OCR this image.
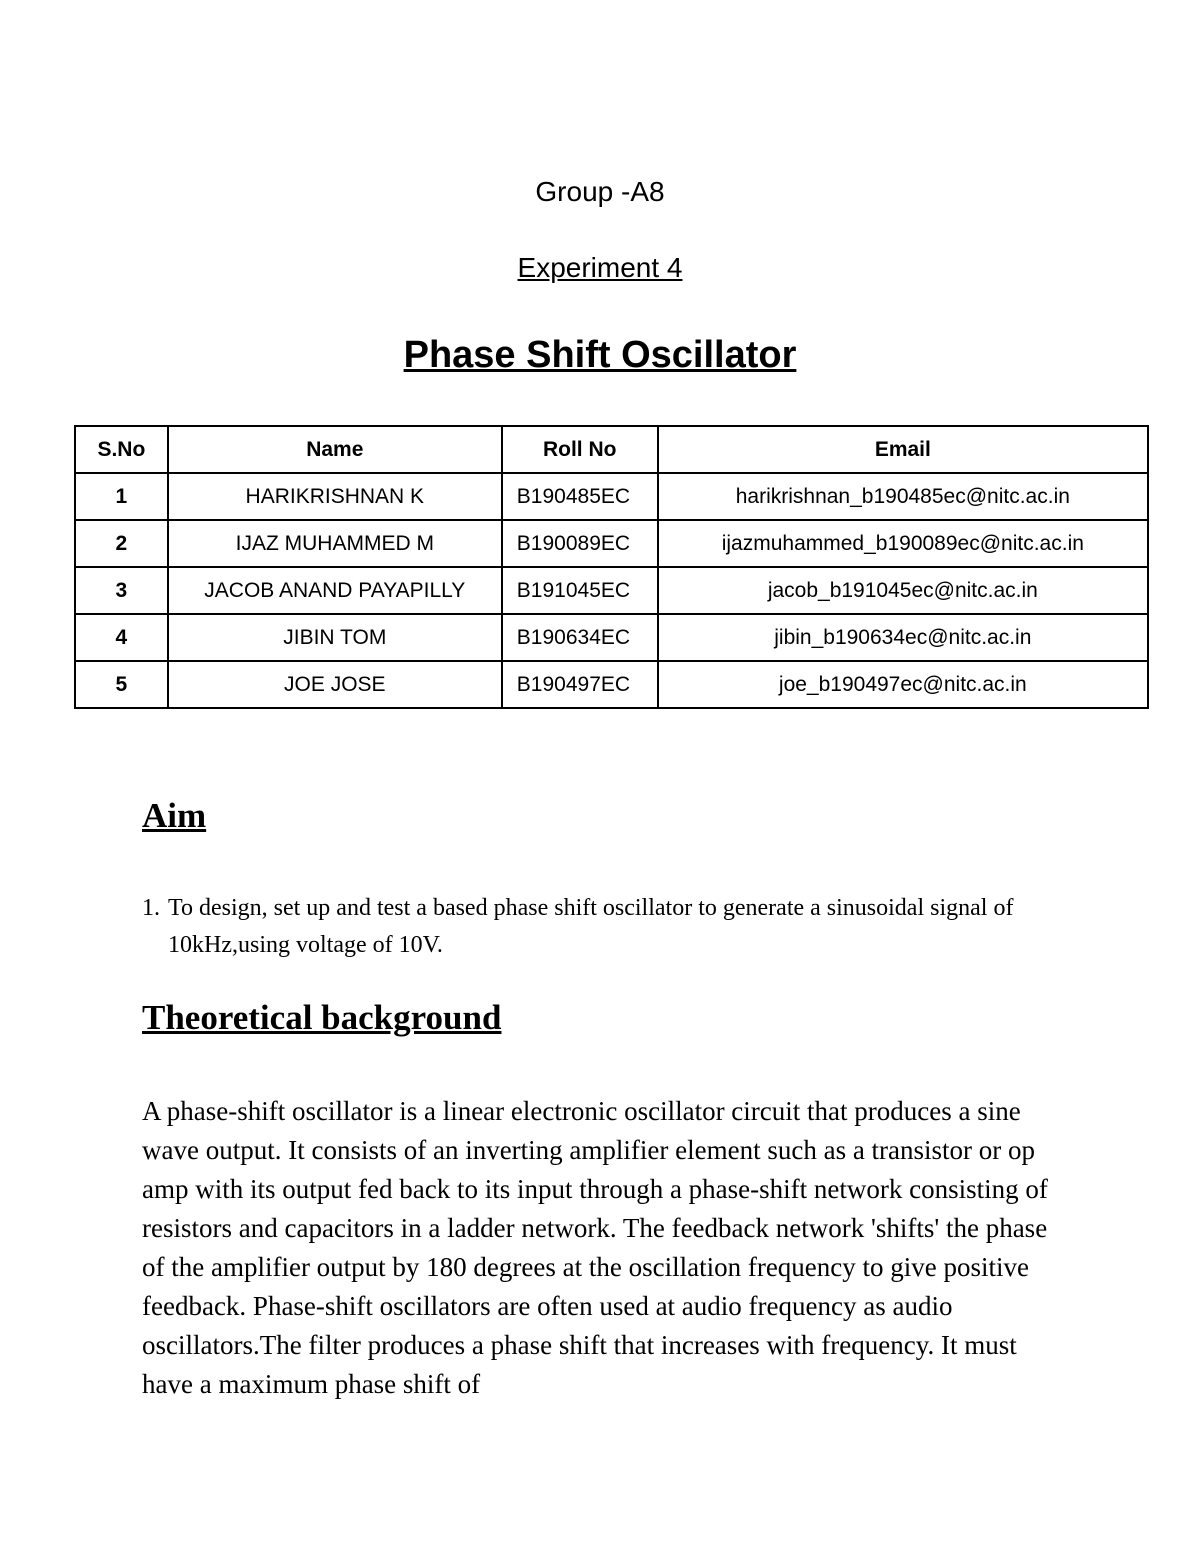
Group -A8
Experiment 4
Phase Shift Oscillator
S.No	Name	Roll No	Email
1	HARIKRISHNAN K	B190485EC	harikrishnan_b190485ec@nitc.ac.in
2	IJAZ MUHAMMED M	B190089EC	ijazmuhammed_b190089ec@nitc.ac.in
3	JACOB ANAND PAYAPILLY	B191045EC	jacob_b191045ec@nitc.ac.in
4	JIBIN TOM	B190634EC	jibin_b190634ec@nitc.ac.in
5	JOE JOSE	B190497EC	joe_b190497ec@nitc.ac.in
Aim
1. To design, set up and test a based phase shift oscillator to generate a sinusoidal signal of 10kHz,using voltage of 10V.
Theoretical background
A phase-shift oscillator is a linear electronic oscillator circuit that produces a sine wave output. It consists of an inverting amplifier element such as a transistor or op amp with its output fed back to its input through a phase-shift network consisting of resistors and capacitors in a ladder network. The feedback network 'shifts' the phase of the amplifier output by 180 degrees at the oscillation frequency to give positive feedback. Phase-shift oscillators are often used at audio frequency as audio oscillators.The filter produces a phase shift that increases with frequency. It must have a maximum phase shift of
